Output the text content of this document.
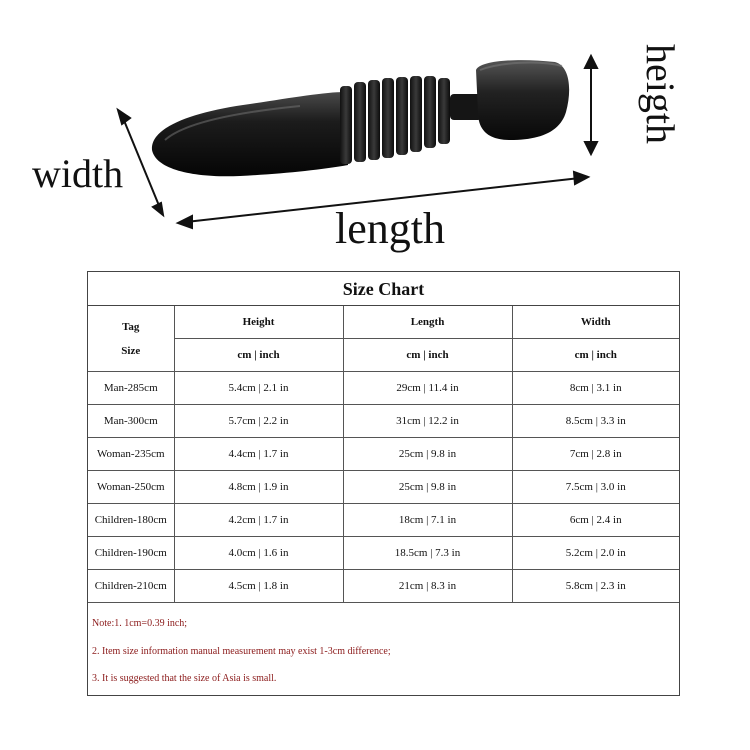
width
length
heigth
Size Chart
Tag
Size	Height	Length	Width
	cm | inch	cm | inch	cm | inch
Man-285cm	5.4cm | 2.1 in	29cm | 11.4 in	8cm | 3.1 in
Man-300cm	5.7cm | 2.2 in	31cm | 12.2 in	8.5cm | 3.3 in
Woman-235cm	4.4cm | 1.7 in	25cm | 9.8 in	7cm | 2.8 in
Woman-250cm	4.8cm | 1.9 in	25cm | 9.8 in	7.5cm | 3.0 in
Children-180cm	4.2cm | 1.7 in	18cm | 7.1 in	6cm | 2.4 in
Children-190cm	4.0cm | 1.6 in	18.5cm | 7.3 in	5.2cm | 2.0 in
Children-210cm	4.5cm | 1.8 in	21cm | 8.3 in	5.8cm | 2.3 in
Note:1. 1cm=0.39 inch;
2. Item size information manual measurement may exist 1-3cm difference;
3. It is suggested that the size of Asia is small.
